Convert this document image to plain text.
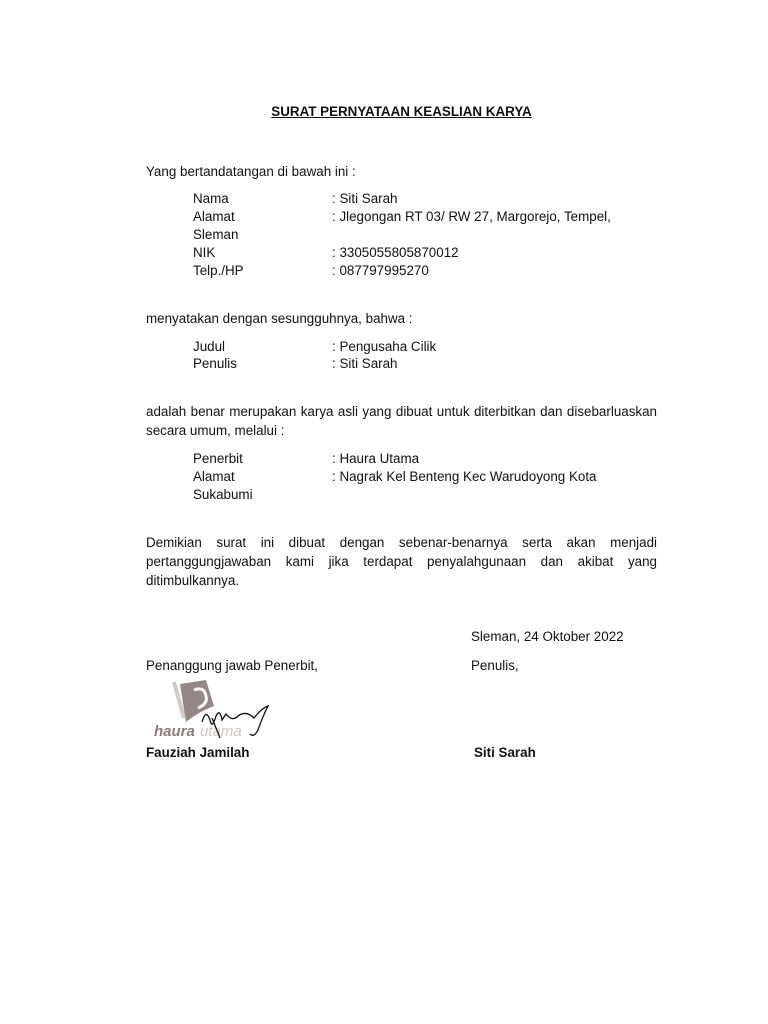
SURAT PERNYATAAN KEASLIAN KARYA
Yang bertandatangan di bawah ini :
Nama	: Siti Sarah
Alamat	: Jlegongan RT 03/ RW 27, Margorejo, Tempel,
Sleman
NIK	: 3305055805870012
Telp./HP	: 087797995270
menyatakan dengan sesungguhnya, bahwa :
Judul	: Pengusaha Cilik
Penulis	: Siti Sarah
adalah benar merupakan karya asli yang dibuat untuk diterbitkan dan disebarluaskan secara umum, melalui :
Penerbit	: Haura Utama
Alamat	: Nagrak Kel Benteng Kec Warudoyong Kota
Sukabumi
Demikian surat ini dibuat dengan sebenar-benarnya serta akan menjadi pertanggungjawaban kami jika terdapat penyalahgunaan dan akibat yang ditimbulkannya.
Sleman, 24 Oktober 2022
Penanggung jawab Penerbit,	Penulis,
haura utama
Fauziah Jamilah	Siti Sarah
